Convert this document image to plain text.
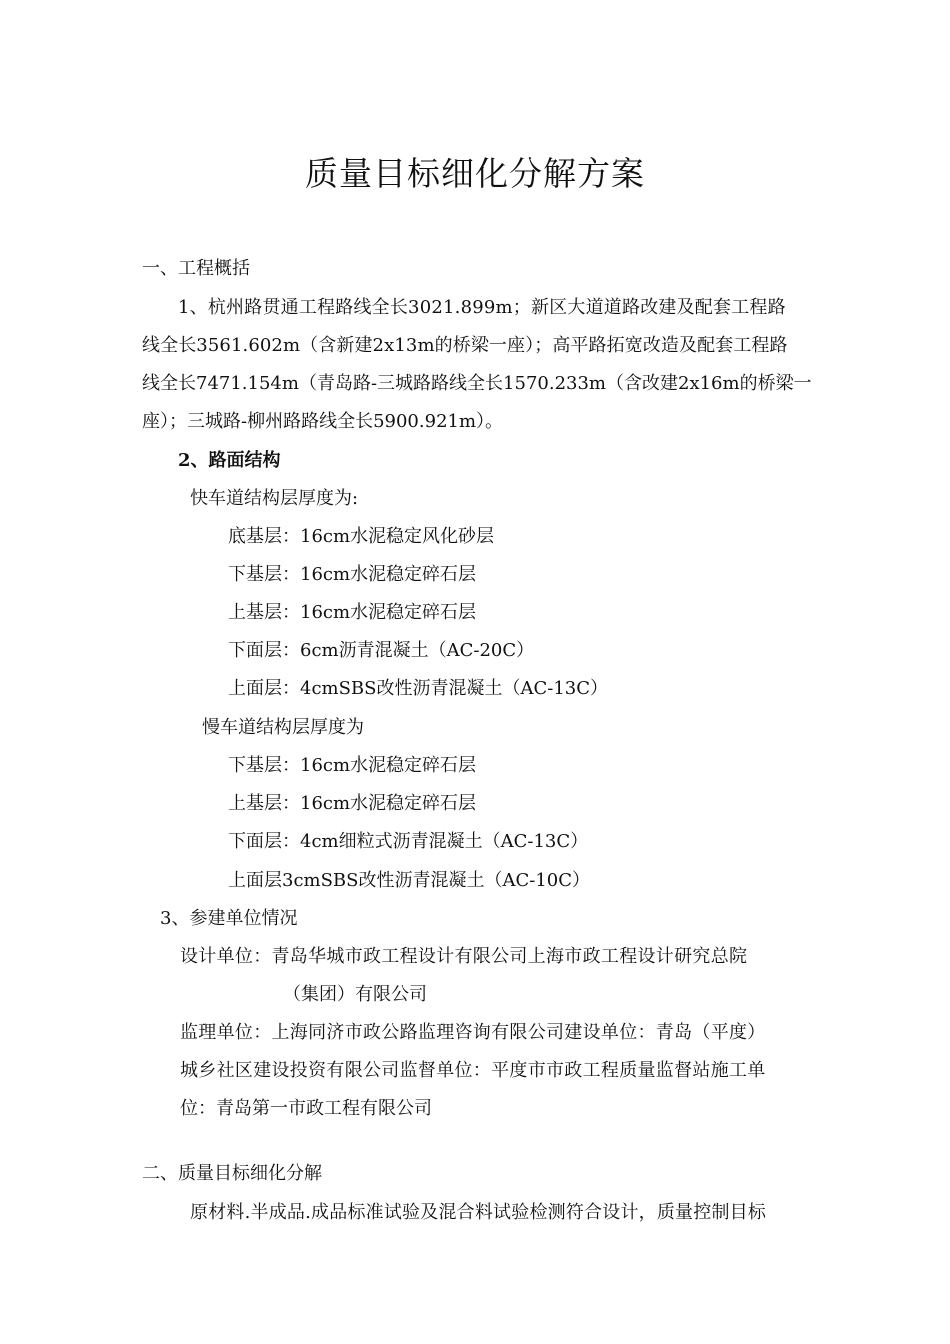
质量目标细化分解方案
一、工程概括
1、杭州路贯通工程路线全长3021.899m；新区大道道路改建及配套工程路
线全长3561.602m（含新建2x13m的桥梁一座）；高平路拓宽改造及配套工程路
线全长7471.154m（青岛路-三城路路线全长1570.233m（含改建2x16m的桥梁一
座）；三城路-柳州路路线全长5900.921m）。
2、路面结构
快车道结构层厚度为:
底基层：16cm水泥稳定风化砂层
下基层：16cm水泥稳定碎石层
上基层：16cm水泥稳定碎石层
下面层：6cm沥青混凝土（AC-20C）
上面层：4cmSBS改性沥青混凝土（AC-13C）
慢车道结构层厚度为
下基层：16cm水泥稳定碎石层
上基层：16cm水泥稳定碎石层
下面层：4cm细粒式沥青混凝土（AC-13C）
上面层3cmSBS改性沥青混凝土（AC-10C）
3、参建单位情况
设计单位：青岛华城市政工程设计有限公司上海市政工程设计研究总院
（集团）有限公司
监理单位：上海同济市政公路监理咨询有限公司建设单位：青岛（平度）
城乡社区建设投资有限公司监督单位：平度市市政工程质量监督站施工单
位：青岛第一市政工程有限公司
二、质量目标细化分解
原材料.半成品.成品标准试验及混合料试验检测符合设计，质量控制目标
